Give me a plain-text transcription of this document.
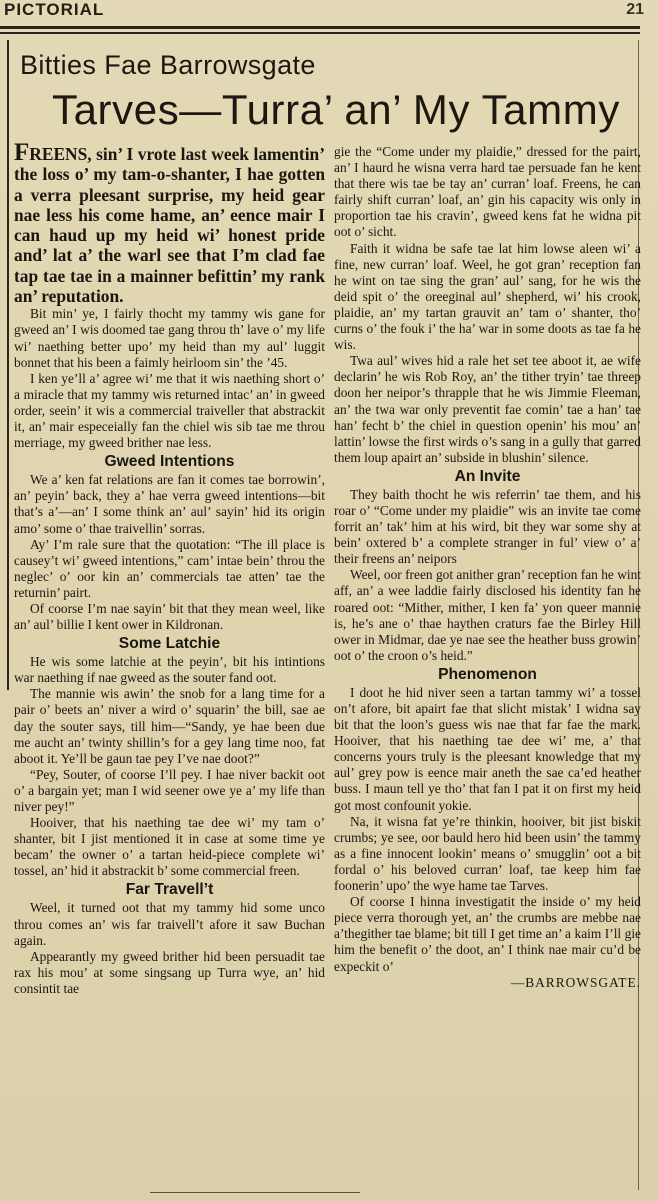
PICTORIAL	21
Bitties Fae Barrowsgate
Tarves—Turra’ an’ My Tammy

FREENS, sin’ I vrote last week lamentin’ the loss o’ my tam-o-shanter, I hae gotten a verra pleesant surprise, my heid gear nae less his come hame, an’ eence mair I can haud up my heid wi’ honest pride and’ lat a’ the warl see that I’m clad fae tap tae tae in a mainner befittin’ my rank an’ reputation.

Bit min’ ye, I fairly thocht my tammy wis gane for gweed an’ I wis doomed tae gang throu th’ lave o’ my life wi’ naething better upo’ my heid than my aul’ luggit bonnet that his been a faimly heirloom sin’ the ’45.

I ken ye’ll a’ agree wi’ me that it wis naething short o’ a miracle that my tammy wis returned intac’ an’ in gweed order, seein’ it wis a commercial traiveller that abstrackit it, an’ mair especeially fan the chiel wis sib tae me throu merriage, my gweed brither nae less.

Gweed Intentions

We a’ ken fat relations are fan it comes tae borrowin’, an’ peyin’ back, they a’ hae verra gweed intentions—bit that’s a’—an’ I some think an’ aul’ sayin’ hid its origin amo’ some o’ thae traivellin’ sorras.

Ay’ I’m rale sure that the quotation: “The ill place is causey’t wi’ gweed intentions,” cam’ intae bein’ throu the neglec’ o’ oor kin an’ commercials tae atten’ tae the returnin’ pairt.

Of coorse I’m nae sayin’ bit that they mean weel, like an’ aul’ billie I kent ower in Kildronan.

Some Latchie

He wis some latchie at the peyin’, bit his intintions war naething if nae gweed as the souter fand oot.

The mannie wis awin’ the snob for a lang time for a pair o’ beets an’ niver a wird o’ squarin’ the bill, sae ae day the souter says, till him—“Sandy, ye hae been due me aucht an’ twinty shillin’s for a gey lang time noo, fat aboot it. Ye’ll be gaun tae pey I’ve nae doot?”

“Pey, Souter, of coorse I’ll pey. I hae niver backit oot o’ a bargain yet; man I wid seener owe ye a’ my life than niver pey!”

Hooiver, that his naething tae dee wi’ my tam o’ shanter, bit I jist mentioned it in case at some time ye becam’ the owner o’ a tartan heid-piece complete wi’ tossel, an’ hid it abstrackit b’ some commercial freen.

Far Travell’t

Weel, it turned oot that my tammy hid some unco throu comes an’ wis far traivell’t afore it saw Buchan again.

Appearantly my gweed brither hid been persuadit tae rax his mou’ at some singsang up Turra wye, an’ hid consintit tae

gie the “Come under my plaidie,” dressed for the pairt, an’ I haurd he wisna verra hard tae persuade fan he kent that there wis tae be tay an’ curran’ loaf. Freens, he can fairly shift curran’ loaf, an’ gin his capacity wis only in proportion tae his cravin’, gweed kens fat he widna pit oot o’ sicht.

Faith it widna be safe tae lat him lowse aleen wi’ a fine, new curran’ loaf. Weel, he got gran’ reception fan he wint on tae sing the gran’ aul’ sang, for he wis the deid spit o’ the oreeginal aul’ shepherd, wi’ his crook, plaidie, an’ my tartan grauvit an’ tam o’ shanter, tho’ curns o’ the fouk i’ the ha’ war in some doots as tae fa he wis.

Twa aul’ wives hid a rale het set tee aboot it, ae wife declarin’ he wis Rob Roy, an’ the tither tryin’ tae threep doon her neipor’s thrapple that he wis Jimmie Fleeman, an’ the twa war only preventit fae comin’ tae a han’ tae han’ fecht b’ the chiel in question openin’ his mou’ an’ lattin’ lowse the first wirds o’s sang in a gully that garred them loup apairt an’ subside in blushin’ silence.

An Invite

They baith thocht he wis referrin’ tae them, and his roar o’ “Come under my plaidie” wis an invite tae come forrit an’ tak’ him at his wird, bit they war some shy at bein’ oxtered b’ a complete stranger in ful’ view o’ a’ their freens an’ neipors

Weel, oor freen got anither gran’ reception fan he wint aff, an’ a wee laddie fairly disclosed his identity fan he roared oot: “Mither, mither, I ken fa’ yon queer mannie is, he’s ane o’ thae haythen craturs fae the Birley Hill ower in Midmar, dae ye nae see the heather buss growin’ oot o’ the croon o’s heid.”

Phenomenon

I doot he hid niver seen a tartan tammy wi’ a tossel on’t afore, bit apairt fae that slicht mistak’ I widna say bit that the loon’s guess wis nae that far fae the mark. Hooiver, that his naething tae dee wi’ me, a’ that concerns yours truly is the pleesant knowledge that my aul’ grey pow is eence mair aneth the sae ca’ed heather buss. I maun tell ye tho’ that fan I pat it on first my heid got most confounit yokie.

Na, it wisna fat ye’re thinkin, hooiver, bit jist biskit crumbs; ye see, oor bauld hero hid been usin’ the tammy as a fine innocent lookin’ means o’ smugglin’ oot a bit fordal o’ his beloved curran’ loaf, tae keep him fae foonerin’ upo’ the wye hame tae Tarves.

Of coorse I hinna investigatit the inside o’ my heid piece verra thorough yet, an’ the crumbs are mebbe nae a’thegither tae blame; bit till I get time an’ a kaim I’ll gie him the benefit o’ the doot, an’ I think nae mair cu’d be expeckit o’

—BARROWSGATE.
